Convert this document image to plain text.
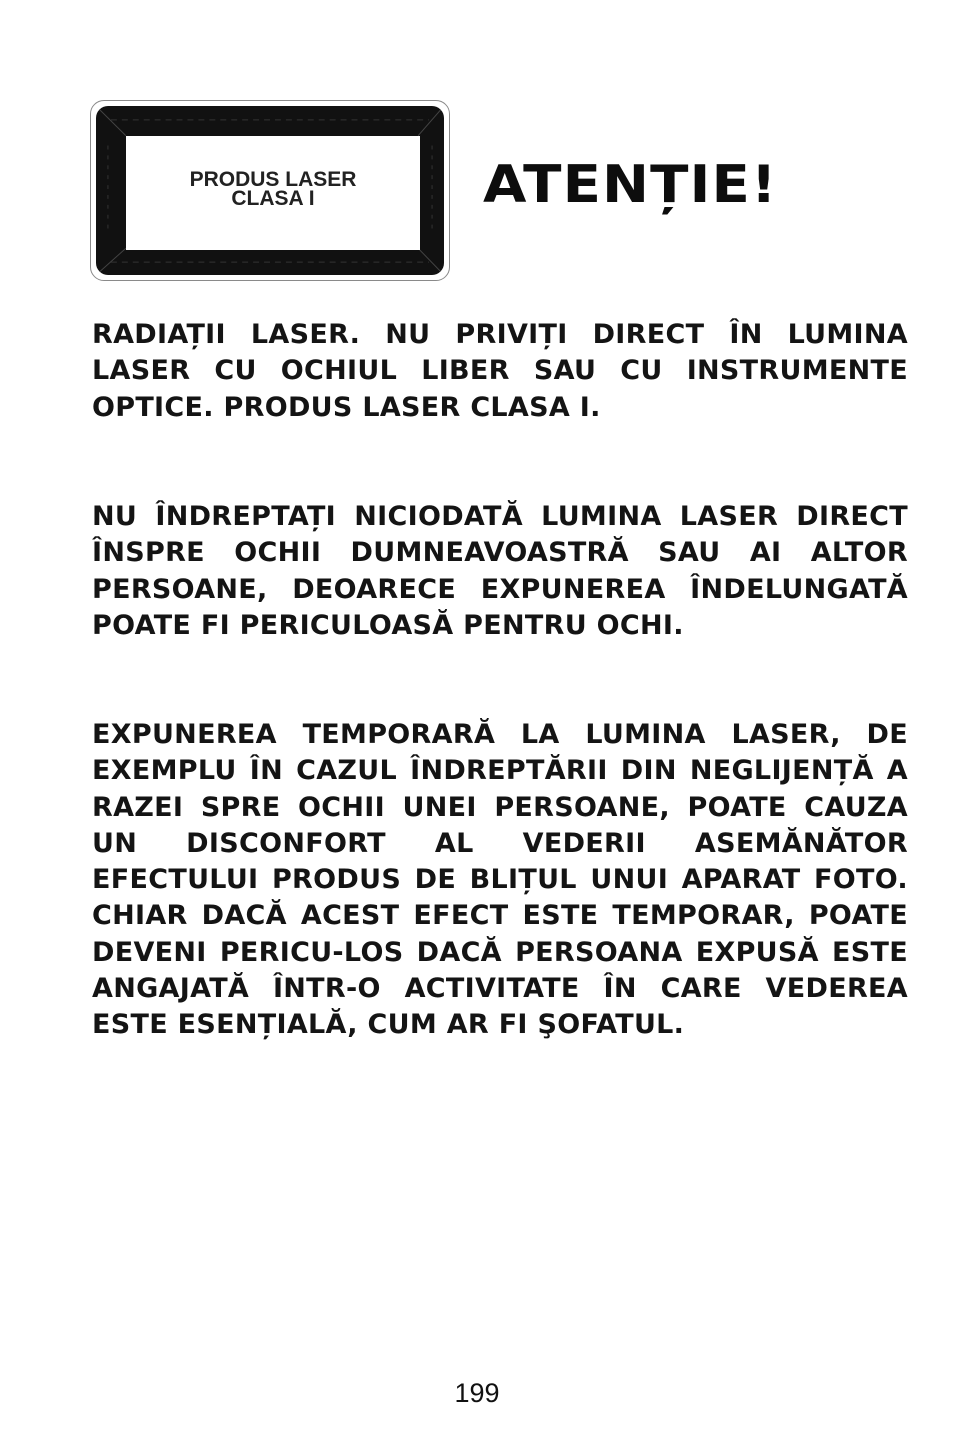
PRODUS LASER
CLASA I	ATENȚIE!

RADIAȚII LASER. NU PRIVIȚI DIRECT ÎN LUMINA LASER CU OCHIUL LIBER SAU CU INSTRUMENTE OPTICE. PRODUS LASER CLASA I.

NU ÎNDREPTAȚI NICIODATĂ LUMINA LASER DIRECT ÎNSPRE OCHII DUMNEAVOASTRĂ SAU AI ALTOR PERSOANE, DEOARECE EXPUNEREA ÎNDELUNGATĂ POATE FI PERICULOASĂ PENTRU OCHI.

EXPUNEREA TEMPORARĂ LA LUMINA LASER, DE EXEMPLU ÎN CAZUL ÎNDREPTĂRII DIN NEGLIJENȚĂ A RAZEI SPRE OCHII UNEI PERSOANE, POATE CAUZA UN DISCONFORT AL VEDERII ASEMĂNĂTOR EFECTULUI PRODUS DE BLIȚUL UNUI APARAT FOTO. CHIAR DACĂ ACEST EFECT ESTE TEMPORAR, POATE DEVENI PERICU-LOS DACĂ PERSOANA EXPUSĂ ESTE ANGAJATĂ ÎNTR-O ACTIVITATE ÎN CARE VEDEREA ESTE ESENȚIALĂ, CUM AR FI ŞOFATUL.

199
